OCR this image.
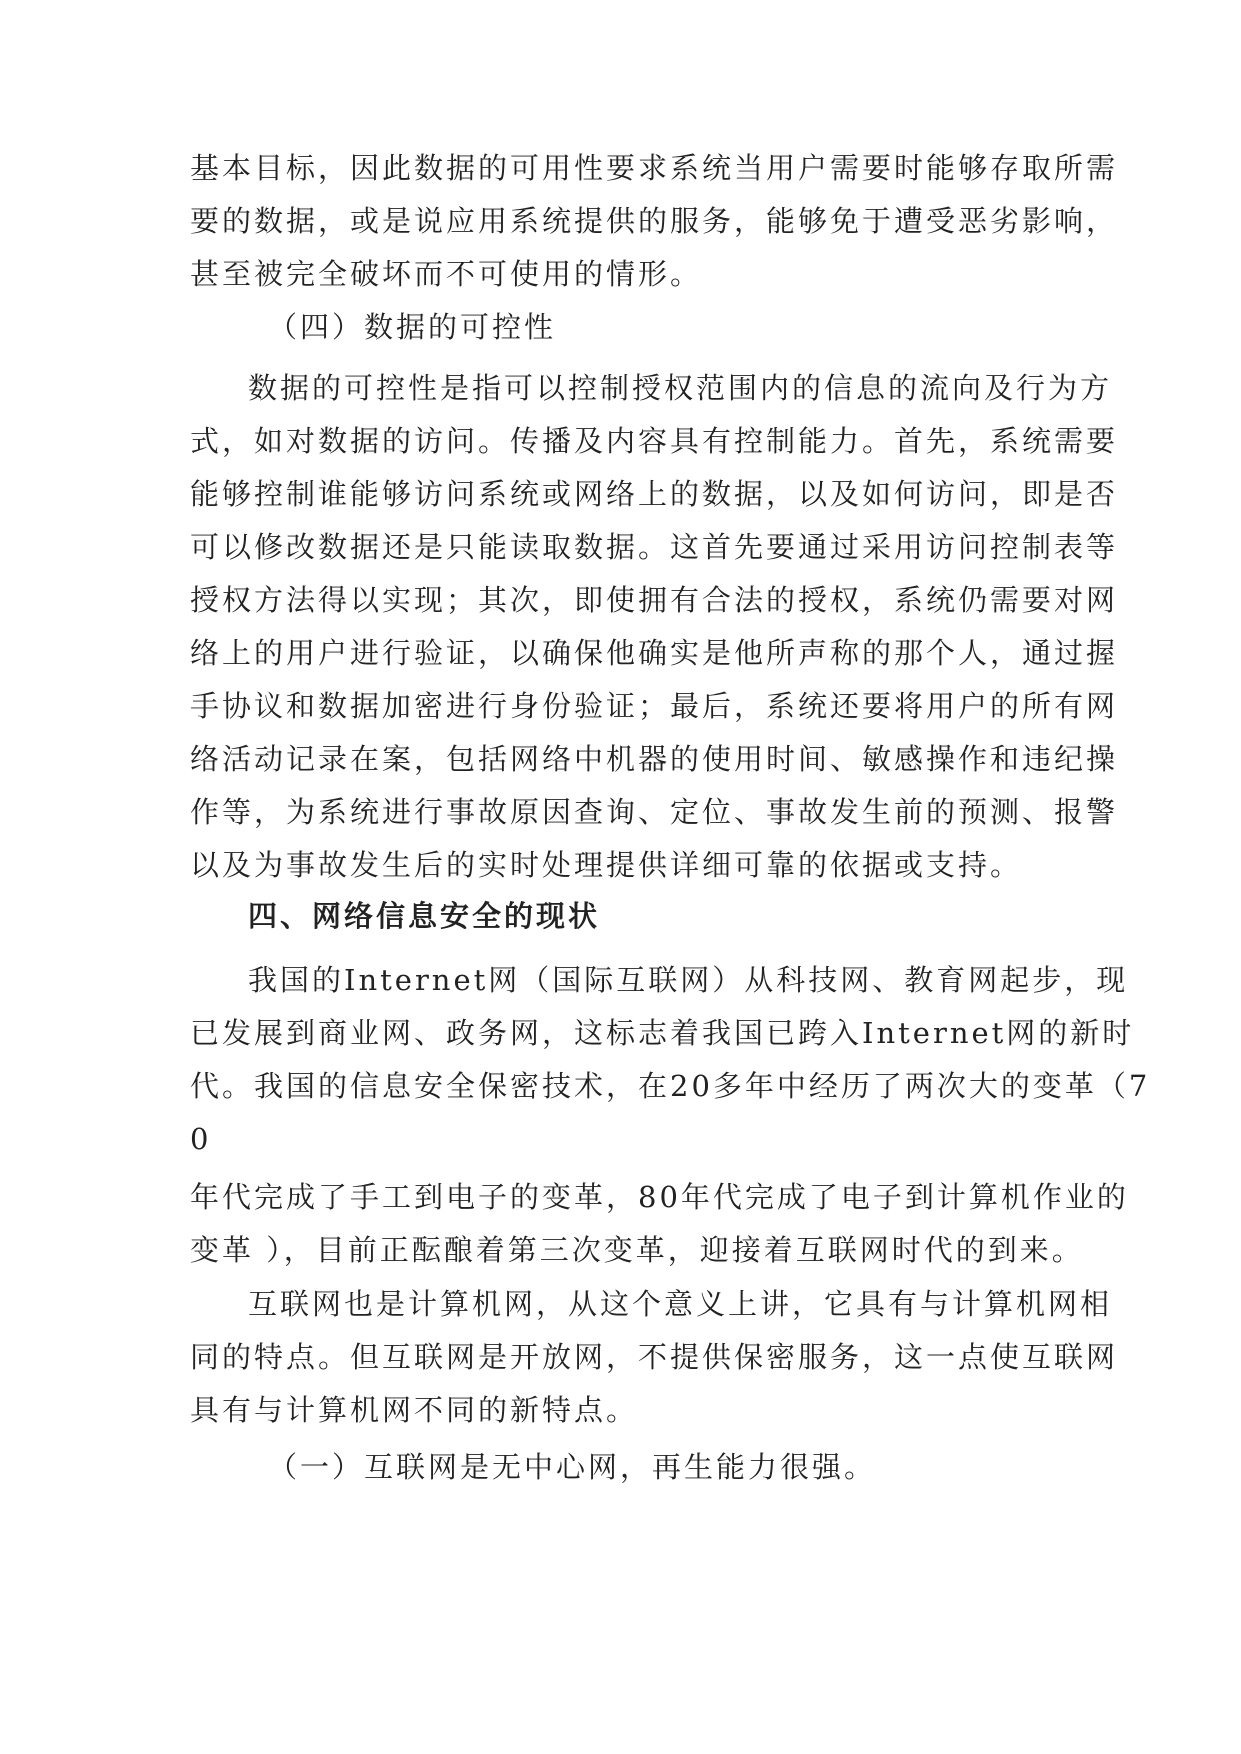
基本目标，因此数据的可用性要求系统当用户需要时能够存取所需
要的数据，或是说应用系统提供的服务，能够免于遭受恶劣影响，
甚至被完全破坏而不可使用的情形。
（四）数据的可控性
数据的可控性是指可以控制授权范围内的信息的流向及行为方
式，如对数据的访问。传播及内容具有控制能力。首先，系统需要
能够控制谁能够访问系统或网络上的数据，以及如何访问，即是否
可以修改数据还是只能读取数据。这首先要通过采用访问控制表等
授权方法得以实现；其次，即使拥有合法的授权，系统仍需要对网
络上的用户进行验证，以确保他确实是他所声称的那个人，通过握
手协议和数据加密进行身份验证；最后，系统还要将用户的所有网
络活动记录在案，包括网络中机器的使用时间、敏感操作和违纪操
作等，为系统进行事故原因查询、定位、事故发生前的预测、报警
以及为事故发生后的实时处理提供详细可靠的依据或支持。
四、网络信息安全的现状
我国的Internet网（国际互联网）从科技网、教育网起步，现
已发展到商业网、政务网，这标志着我国已跨入Internet网的新时
代。我国的信息安全保密技术，在20多年中经历了两次大的变革（7
0
年代完成了手工到电子的变革，80年代完成了电子到计算机作业的
变革 ），目前正酝酿着第三次变革，迎接着互联网时代的到来。
互联网也是计算机网，从这个意义上讲，它具有与计算机网相
同的特点。但互联网是开放网，不提供保密服务，这一点使互联网
具有与计算机网不同的新特点。
（一）互联网是无中心网，再生能力很强。
